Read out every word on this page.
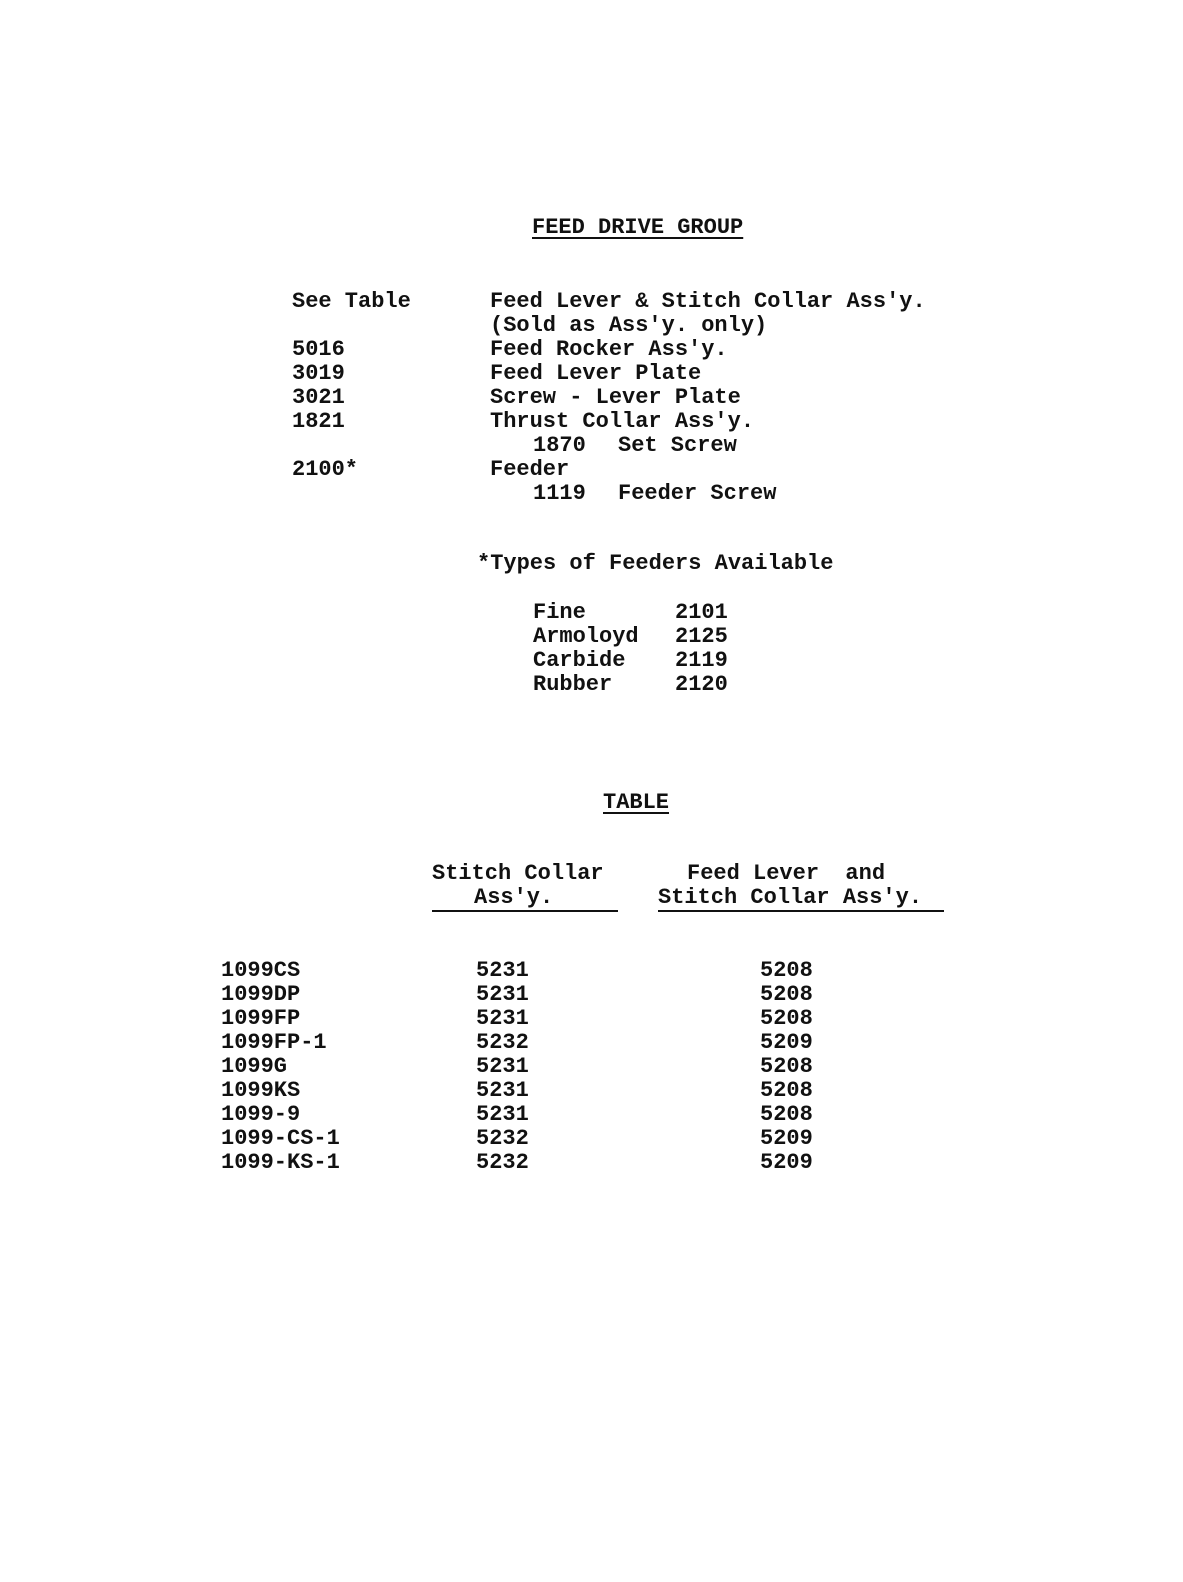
FEED DRIVE GROUP
See Table	Feed Lever & Stitch Collar Ass'y.
(Sold as Ass'y. only)
5016	Feed Rocker Ass'y.
3019	Feed Lever Plate
3021	Screw - Lever Plate
1821	Thrust Collar Ass'y.
1870 Set Screw
2100*	Feeder
1119 Feeder Screw
*Types of Feeders Available
Fine	2101
Armoloyd 2125
Carbide 2119
Rubber	2120
TABLE
Stitch Collar
Ass'y.
Feed Lever  and
Stitch Collar Ass'y.
1099CS	5231	5208
1099DP	5231	5208
1099FP	5231	5208
1099FP-1	5232	5209
1099G	5231	5208
1099KS	5231	5208
1099-9	5231	5208
1099-CS-1	5232	5209
1099-KS-1	5232	5209
